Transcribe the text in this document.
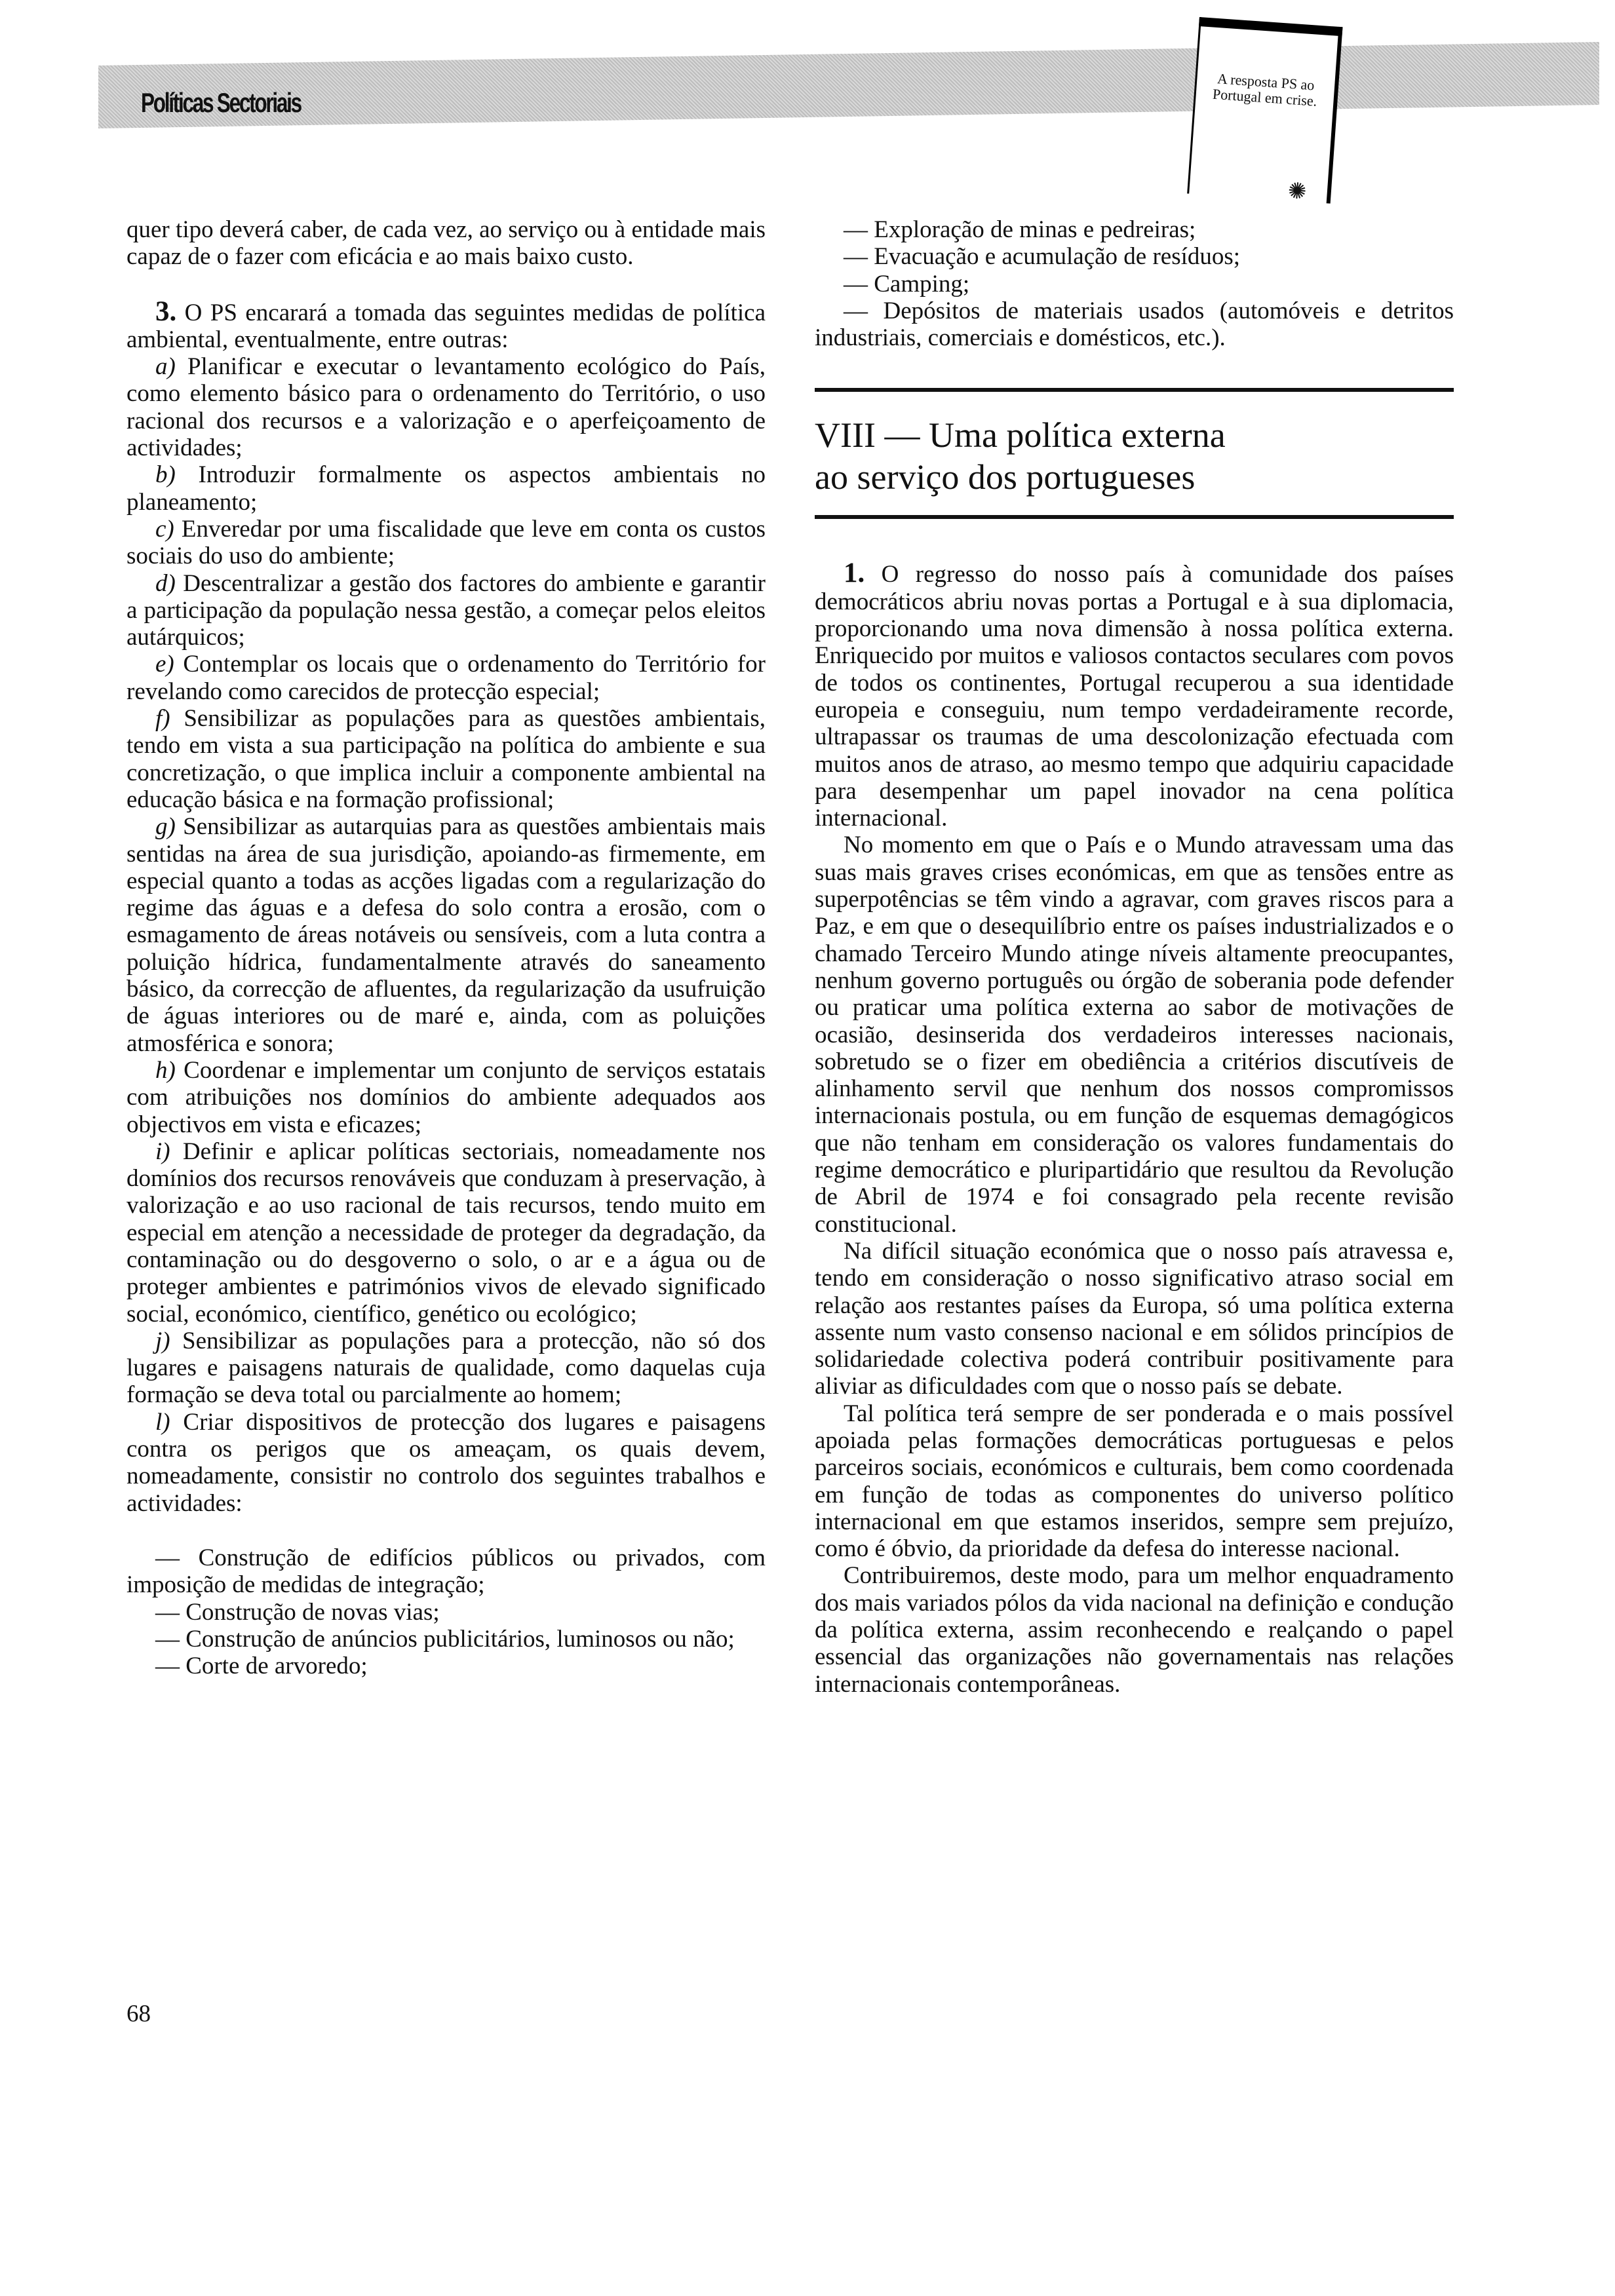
Políticas Sectoriais
A resposta PS ao Portugal em crise.
✺

quer tipo deverá caber, de cada vez, ao serviço ou à entidade mais capaz de o fazer com eficácia e ao mais baixo custo.

3. O PS encarará a tomada das seguintes medidas de política ambiental, eventualmente, entre outras:

a) Planificar e executar o levantamento ecológico do País, como elemento básico para o ordenamento do Território, o uso racional dos recursos e a valorização e o aperfeiçoamento de actividades;

b) Introduzir formalmente os aspectos ambientais no planeamento;

c) Enveredar por uma fiscalidade que leve em conta os custos sociais do uso do ambiente;

d) Descentralizar a gestão dos factores do ambiente e garantir a participação da população nessa gestão, a começar pelos eleitos autárquicos;

e) Contemplar os locais que o ordenamento do Território for revelando como carecidos de protecção especial;

f) Sensibilizar as populações para as questões ambientais, tendo em vista a sua participação na política do ambiente e sua concretização, o que implica incluir a componente ambiental na educação básica e na formação profissional;

g) Sensibilizar as autarquias para as questões ambientais mais sentidas na área de sua jurisdição, apoiando-as firmemente, em especial quanto a todas as acções ligadas com a regularização do regime das águas e a defesa do solo contra a erosão, com o esmagamento de áreas notáveis ou sensíveis, com a luta contra a poluição hídrica, fundamentalmente através do saneamento básico, da correcção de afluentes, da regularização da usufruição de águas interiores ou de maré e, ainda, com as poluições atmosférica e sonora;

h) Coordenar e implementar um conjunto de serviços estatais com atribuições nos domínios do ambiente adequados aos objectivos em vista e eficazes;

i) Definir e aplicar políticas sectoriais, nomeadamente nos domínios dos recursos renováveis que conduzam à preservação, à valorização e ao uso racional de tais recursos, tendo muito em especial em atenção a necessidade de proteger da degradação, da contaminação ou do desgoverno o solo, o ar e a água ou de proteger ambientes e patrimónios vivos de elevado significado social, económico, científico, genético ou ecológico;

j) Sensibilizar as populações para a protecção, não só dos lugares e paisagens naturais de qualidade, como daquelas cuja formação se deva total ou parcialmente ao homem;

l) Criar dispositivos de protecção dos lugares e paisagens contra os perigos que os ameaçam, os quais devem, nomeadamente, consistir no controlo dos seguintes trabalhos e actividades:

— Construção de edifícios públicos ou privados, com imposição de medidas de integração;

— Construção de novas vias;

— Construção de anúncios publicitários, luminosos ou não;

— Corte de arvoredo;

— Exploração de minas e pedreiras;

— Evacuação e acumulação de resíduos;

— Camping;

— Depósitos de materiais usados (automóveis e detritos industriais, comerciais e domésticos, etc.).

VIII — Uma política externa
ao serviço dos portugueses

1. O regresso do nosso país à comunidade dos países democráticos abriu novas portas a Portugal e à sua diplomacia, proporcionando uma nova dimensão à nossa política externa. Enriquecido por muitos e valiosos contactos seculares com povos de todos os continentes, Portugal recuperou a sua identidade europeia e conseguiu, num tempo verdadeiramente recorde, ultrapassar os traumas de uma descolonização efectuada com muitos anos de atraso, ao mesmo tempo que adquiriu capacidade para desempenhar um papel inovador na cena política internacional.

No momento em que o País e o Mundo atravessam uma das suas mais graves crises económicas, em que as tensões entre as superpotências se têm vindo a agravar, com graves riscos para a Paz, e em que o desequilíbrio entre os países industrializados e o chamado Terceiro Mundo atinge níveis altamente preocupantes, nenhum governo português ou órgão de soberania pode defender ou praticar uma política externa ao sabor de motivações de ocasião, desinserida dos verdadeiros interesses nacionais, sobretudo se o fizer em obediência a critérios discutíveis de alinhamento servil que nenhum dos nossos compromissos internacionais postula, ou em função de esquemas demagógicos que não tenham em consideração os valores fundamentais do regime democrático e pluripartidário que resultou da Revolução de Abril de 1974 e foi consagrado pela recente revisão constitucional.

Na difícil situação económica que o nosso país atravessa e, tendo em consideração o nosso significativo atraso social em relação aos restantes países da Europa, só uma política externa assente num vasto consenso nacional e em sólidos princípios de solidariedade colectiva poderá contribuir positivamente para aliviar as dificuldades com que o nosso país se debate.

Tal política terá sempre de ser ponderada e o mais possível apoiada pelas formações democráticas portuguesas e pelos parceiros sociais, económicos e culturais, bem como coordenada em função de todas as componentes do universo político internacional em que estamos inseridos, sempre sem prejuízo, como é óbvio, da prioridade da defesa do interesse nacional.

Contribuiremos, deste modo, para um melhor enquadramento dos mais variados pólos da vida nacional na definição e condução da política externa, assim reconhecendo e realçando o papel essencial das organizações não governamentais nas relações internacionais contemporâneas.

68
